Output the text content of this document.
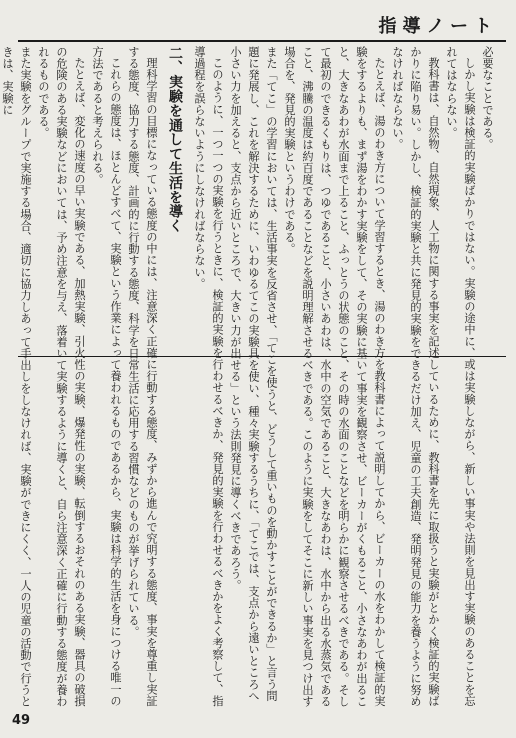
指導ノート

必要なことである。

しかし実験は検証的実験ばかりではない。実験の途中に、或は実験しながら、新しい事実や法則を見出す実験のあることを忘れてはならない。

教科書は、自然物、自然現象、人工物に関する事実を記述しているために、教科書を先に取扱うと実験がとかく検証的実験ばかりに陥り易い。しかし、検証的実験と共に発見的実験をできるだけ加え、児童の工夫創造、発明発見の能力を養うように努めなければならない。

たとえば、湯のわき方について学習するとき、湯のわき方を教科書によって説明してから、ビーカーの水をわかして検証的実験をするよりも、まず湯をわかす実験をして、その実験に基いて事実を観察させ、ビーカーがくもること、小さなあわが出ること、大きなあわが水面まで上ること、ふっとうの状態のこと、その時の水面のことなどを明らかに観察させるべきである。そして最初のできるくもりは、つゆであること、小さいあわは、水中の空気であること、大きなあわは、水中から出る水蒸気であること、沸騰の温度は約百度であることなどを説明理解させるべきである。このように実験をしてそこに新しい事実を見つけ出す場合を、発見的実験というわけである。

また「てこ」の学習においては、生活事実を反省させ、「てこを使うと、どうして重いものを動かすことができるか」と言う問題に発展し、これを解決するために、いわゆるてこの実験具を使い、種々実験するうちに、「てこでは、支点から遠いところへ小さい力を加えると、支点から近いところで、大きい力が出せる」という法則発見に導くべきであろう。

このように、一つ一つの実験を行うときに、検証的実験を行わせるべきか、発見的実験を行わせるべきかをよく考察して、指導過程を誤らないようにしなければならない。

二、実験を通して生活を導く

理科学習の目標になっている態度の中には、注意深く正確に行動する態度、みずから進んで究明する態度、事実を尊重し実証する態度、協力する態度、計画的に行動する態度、科学を日常生活に応用する習慣などのものが挙げられている。

これらの態度は、ほとんどすべて、実験という作業によって養われるものであるから、実験は科学的生活を身につける唯一の方法であると考えられる。

たとえば、変化の速度の早い実験である、加熱実験、引火性の実験、爆発性の実験、転倒するおそれのある実験、器具の破損の危険のある実験などにおいては、予め注意を与え、落着いて実験するように導くと、自ら注意深く正確に行動する態度が養われるものである。

また実験をグループで実施する場合、適切に協力しあって手出しをしなければ、実験ができにくく、一人の児童の活動で行うときは、実験に

49
